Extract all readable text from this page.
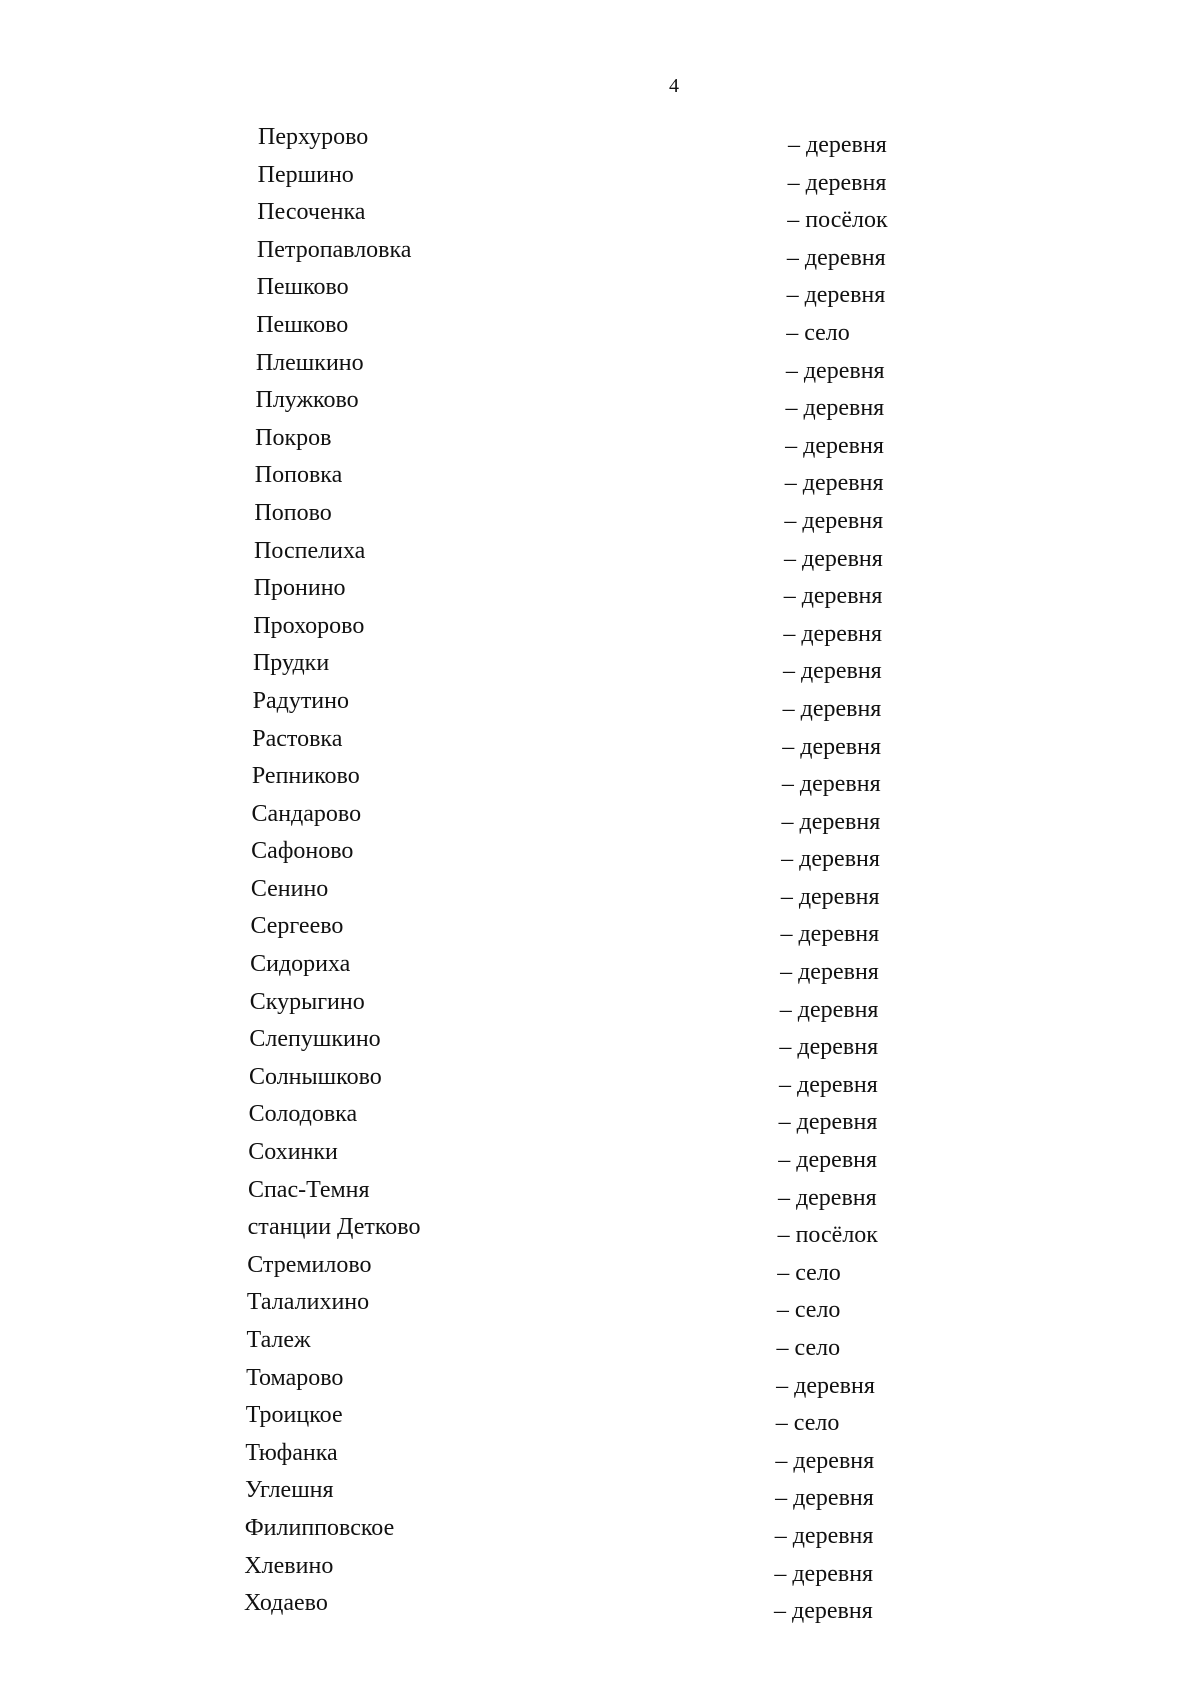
4
Перхурово	– деревня
Першино	– деревня
Песоченка	– посёлок
Петропавловка	– деревня
Пешково	– деревня
Пешково	– село
Плешкино	– деревня
Плужково	– деревня
Покров	– деревня
Поповка	– деревня
Попово	– деревня
Поспелиха	– деревня
Пронино	– деревня
Прохорово	– деревня
Прудки	– деревня
Радутино	– деревня
Растовка	– деревня
Репниково	– деревня
Сандарово	– деревня
Сафоново	– деревня
Сенино	– деревня
Сергеево	– деревня
Сидориха	– деревня
Скурыгино	– деревня
Слепушкино	– деревня
Солнышково	– деревня
Солодовка	– деревня
Сохинки	– деревня
Спас-Темня	– деревня
станции Детково	– посёлок
Стремилово	– село
Талалихино	– село
Талеж	– село
Томарово	– деревня
Троицкое	– село
Тюфанка	– деревня
Углешня	– деревня
Филипповское	– деревня
Хлевино	– деревня
Ходаево	– деревня
